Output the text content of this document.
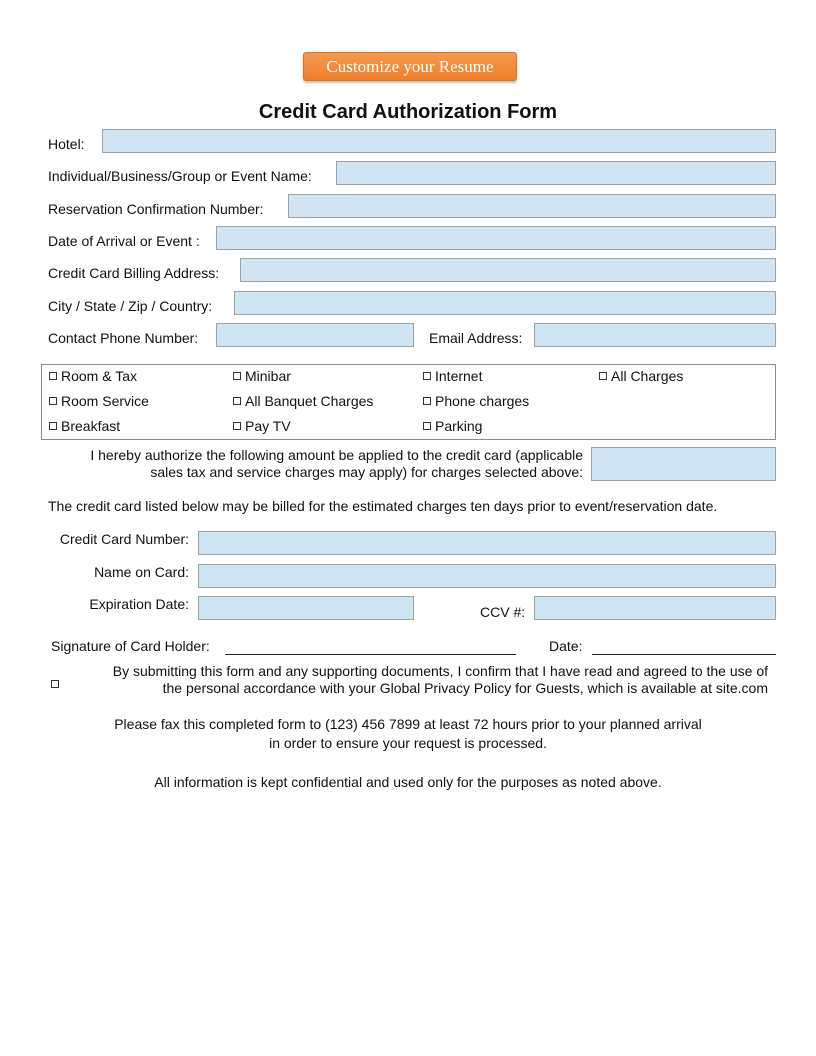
Customize your Resume
Credit Card Authorization Form
Hotel:
Individual/Business/Group or Event Name:
Reservation Confirmation Number:
Date of Arrival or Event :
Credit Card Billing Address:
City / State / Zip / Country:
Contact Phone Number:	Email Address:
Room & Tax	Minibar	Internet	All Charges
Room Service	All Banquet Charges	Phone charges
Breakfast	Pay TV	Parking
I hereby authorize the following amount be applied to the credit card (applicable
sales tax and service charges may apply) for charges selected above:
The credit card listed below may be billed for the estimated charges ten days prior to event/reservation date.
Credit Card Number:
Name on Card:
Expiration Date:	CCV #:
Signature of Card Holder:	Date:
By submitting this form and any supporting documents, I confirm that I have read and agreed to the use of
the personal accordance with your Global Privacy Policy for Guests, which is available at site.com
Please fax this completed form to (123) 456 7899 at least 72 hours prior to your planned arrival
in order to ensure your request is processed.
All information is kept confidential and used only for the purposes as noted above.
